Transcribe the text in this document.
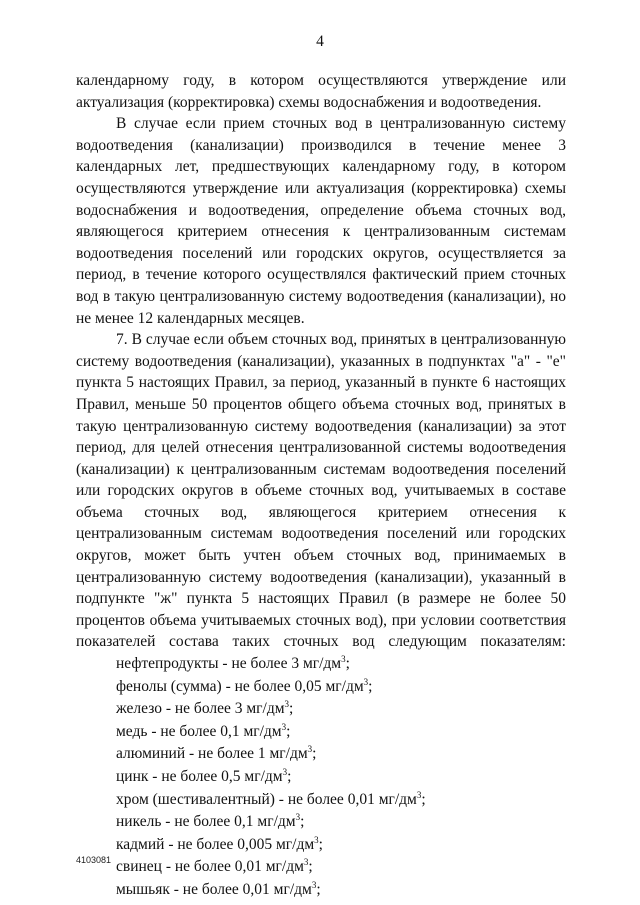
4

календарному году, в котором осуществляются утверждение или актуализация (корректировка) схемы водоснабжения и водоотведения.

В случае если прием сточных вод в централизованную систему водоотведения (канализации) производился в течение менее 3 календарных лет, предшествующих календарному году, в котором осуществляются утверждение или актуализация (корректировка) схемы водоснабжения и водоотведения, определение объема сточных вод, являющегося критерием отнесения к централизованным системам водоотведения поселений или городских округов, осуществляется за период, в течение которого осуществлялся фактический прием сточных вод в такую централизованную систему водоотведения (канализации), но не менее 12 календарных месяцев.

7. В случае если объем сточных вод, принятых в централизованную систему водоотведения (канализации), указанных в подпунктах "а" - "е" пункта 5 настоящих Правил, за период, указанный в пункте 6 настоящих Правил, меньше 50 процентов общего объема сточных вод, принятых в такую централизованную систему водоотведения (канализации) за этот период, для целей отнесения централизованной системы водоотведения (канализации) к централизованным системам водоотведения поселений или городских округов в объеме сточных вод, учитываемых в составе объема сточных вод, являющегося критерием отнесения к централизованным системам водоотведения поселений или городских округов, может быть учтен объем сточных вод, принимаемых в централизованную систему водоотведения (канализации), указанный в подпункте "ж" пункта 5 настоящих Правил (в размере не более 50 процентов объема учитываемых сточных вод), при условии соответствия показателей состава таких сточных вод следующим показателям:

нефтепродукты - не более 3 $мг/дм^3$;
фенолы (сумма) - не более 0,05 $мг/дм^3$;
железо - не более 3 $мг/дм^3$;
медь - не более 0,1 $мг/дм^3$;
алюминий - не более 1 $мг/дм^3$;
цинк - не более 0,5 $мг/дм^3$;
хром (шестивалентный) - не более 0,01 $мг/дм^3$;
никель - не более 0,1 $мг/дм^3$;
кадмий - не более 0,005 $мг/дм^3$;
свинец - не более 0,01 $мг/дм^3$;
мышьяк - не более 0,01 $мг/дм^3$;
4103081
